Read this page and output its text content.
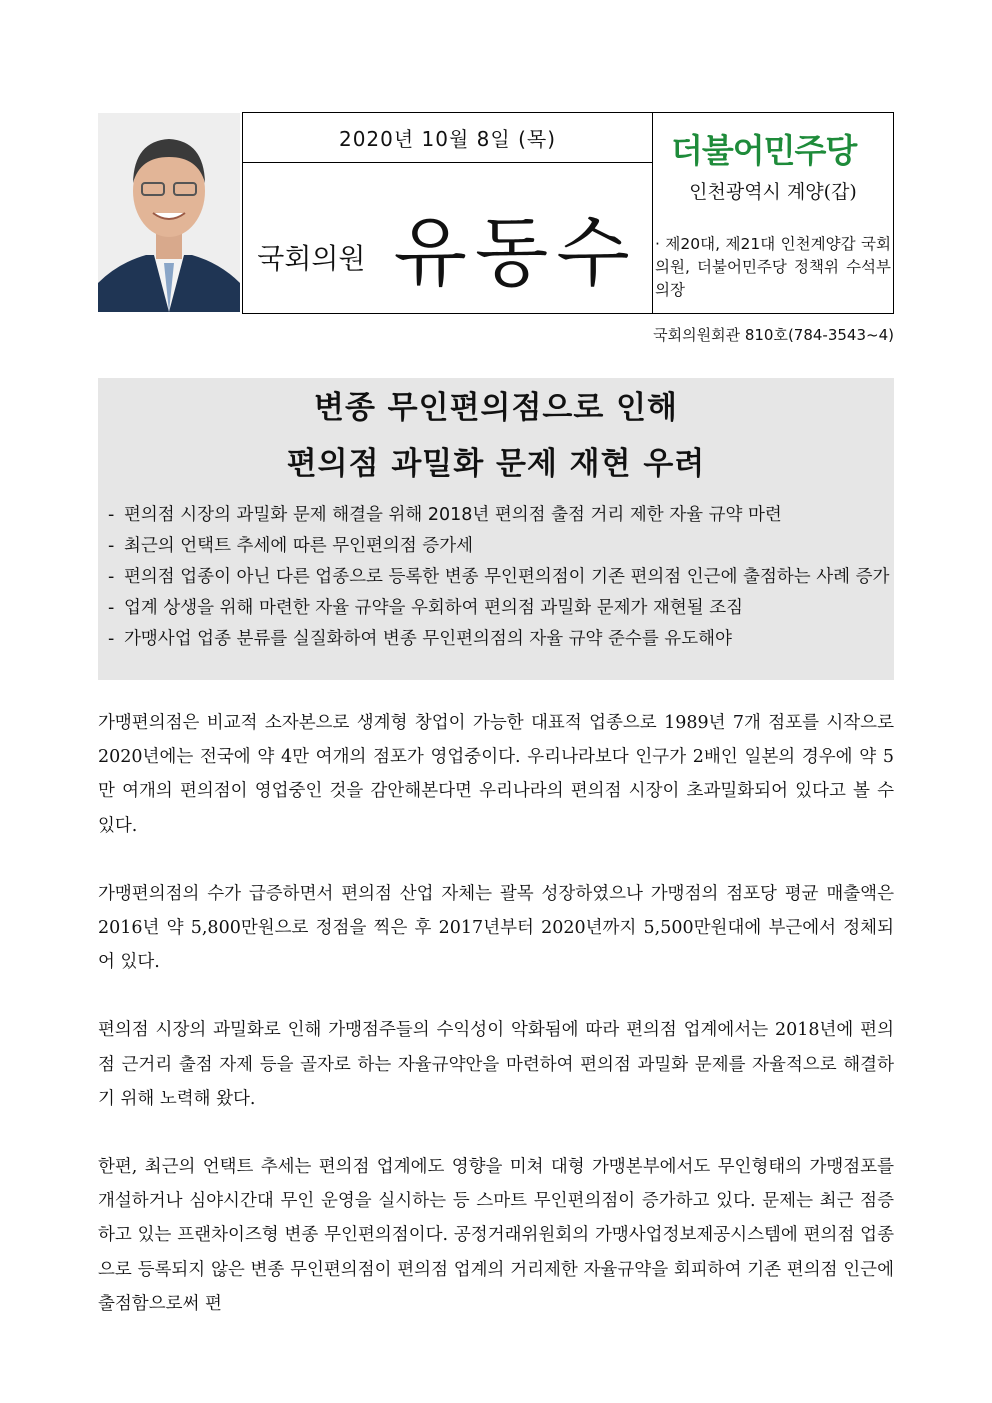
2020년 10월 8일 (목)
국회의원 유동수
더불어민주당
인천광역시 계양(갑)
· 제20대, 제21대 인천계양갑 국회의원, 더불어민주당 정책위 수석부의장
국회의원회관 810호(784-3543~4)
변종 무인편의점으로 인해
편의점 과밀화 문제 재현 우려
- 편의점 시장의 과밀화 문제 해결을 위해 2018년 편의점 출점 거리 제한 자율 규약 마련
- 최근의 언택트 추세에 따른 무인편의점 증가세
- 편의점 업종이 아닌 다른 업종으로 등록한 변종 무인편의점이 기존 편의점 인근에 출점하는 사례 증가
- 업계 상생을 위해 마련한 자율 규약을 우회하여 편의점 과밀화 문제가 재현될 조짐
- 가맹사업 업종 분류를 실질화하여 변종 무인편의점의 자율 규약 준수를 유도해야

가맹편의점은 비교적 소자본으로 생계형 창업이 가능한 대표적 업종으로 1989년 7개 점포를 시작으로 2020년에는 전국에 약 4만 여개의 점포가 영업중이다. 우리나라보다 인구가 2배인 일본의 경우에 약 5만 여개의 편의점이 영업중인 것을 감안해본다면 우리나라의 편의점 시장이 초과밀화되어 있다고 볼 수 있다.

가맹편의점의 수가 급증하면서 편의점 산업 자체는 괄목 성장하였으나 가맹점의 점포당 평균 매출액은 2016년 약 5,800만원으로 정점을 찍은 후 2017년부터 2020년까지 5,500만원대에 부근에서 정체되어 있다.

편의점 시장의 과밀화로 인해 가맹점주들의 수익성이 악화됨에 따라 편의점 업계에서는 2018년에 편의점 근거리 출점 자제 등을 골자로 하는 자율규약안을 마련하여 편의점 과밀화 문제를 자율적으로 해결하기 위해 노력해 왔다.

한편, 최근의 언택트 추세는 편의점 업계에도 영향을 미쳐 대형 가맹본부에서도 무인형태의 가맹점포를 개설하거나 심야시간대 무인 운영을 실시하는 등 스마트 무인편의점이 증가하고 있다. 문제는 최근 점증하고 있는 프랜차이즈형 변종 무인편의점이다. 공정거래위원회의 가맹사업정보제공시스템에 편의점 업종으로 등록되지 않은 변종 무인편의점이 편의점 업계의 거리제한 자율규약을 회피하여 기존 편의점 인근에 출점함으로써 편
